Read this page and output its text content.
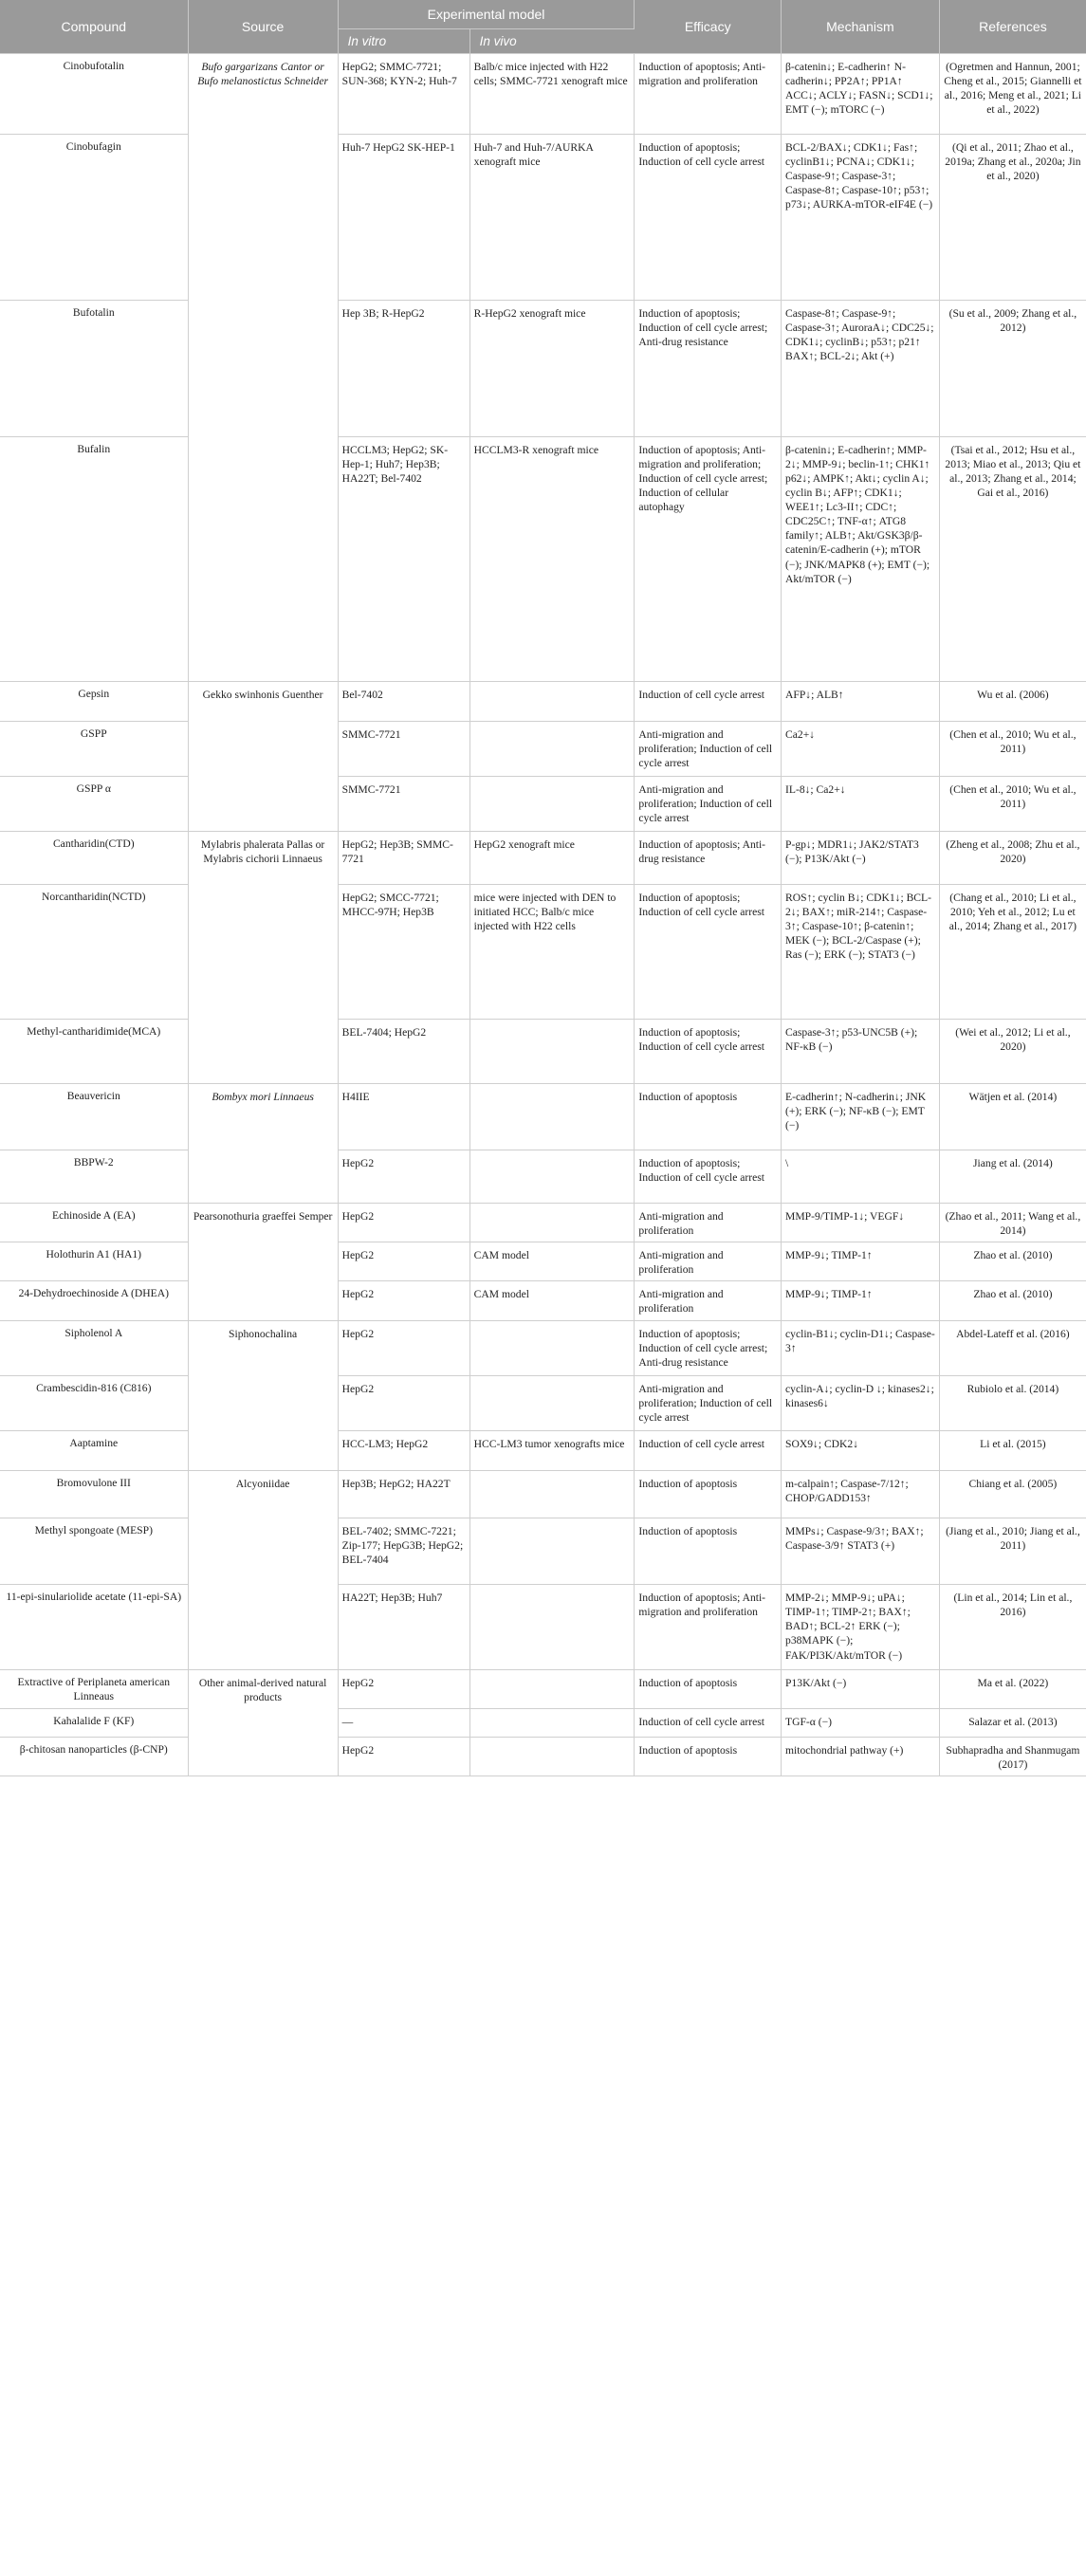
Compound	Source	Experimental model		Efficacy	Mechanism	References
		In vitro	In vivo			
Cinobufotalin	Bufo gargarizans Cantor or Bufo melanostictus Schneider	HepG2; SMMC-7721; SUN-368; KYN-2; Huh-7	Balb/c mice injected with H22 cells; SMMC-7721 xenograft mice	Induction of apoptosis; Anti-migration and proliferation	β-catenin↓; E-cadherin↑ N-cadherin↓; PP2A↑; PP1A↑ ACC↓; ACLY↓; FASN↓; SCD1↓; EMT (−); mTORC (−)	(Ogretmen and Hannun, 2001; Cheng et al., 2015; Giannelli et al., 2016; Meng et al., 2021; Li et al., 2022)
Cinobufagin		Huh-7 HepG2 SK-HEP-1	Huh-7 and Huh-7/AURKA xenograft mice	Induction of apoptosis; Induction of cell cycle arrest	BCL-2/BAX↓; CDK1↓; Fas↑; cyclinB1↓; PCNA↓; CDK1↓; Caspase-9↑; Caspase-3↑; Caspase-8↑; Caspase-10↑; p53↑; p73↓; AURKA-mTOR-eIF4E (−)	(Qi et al., 2011; Zhao et al., 2019a; Zhang et al., 2020a; Jin et al., 2020)
Bufotalin		Hep 3B; R-HepG2	R-HepG2 xenograft mice	Induction of apoptosis; Induction of cell cycle arrest; Anti-drug resistance	Caspase-8↑; Caspase-9↑; Caspase-3↑; AuroraA↓; CDC25↓; CDK1↓; cyclinB↓; p53↑; p21↑ BAX↑; BCL-2↓; Akt (+)	(Su et al., 2009; Zhang et al., 2012)
Bufalin		HCCLM3; HepG2; SK-Hep-1; Huh7; Hep3B; HA22T; Bel-7402	HCCLM3-R xenograft mice	Induction of apoptosis; Anti-migration and proliferation; Induction of cell cycle arrest; Induction of cellular autophagy	β-catenin↓; E-cadherin↑; MMP-2↓; MMP-9↓; beclin-1↑; CHK1↑ p62↓; AMPK↑; Akt↓; cyclin A↓; cyclin B↓; AFP↑; CDK1↓; WEE1↑; Lc3-II↑; CDC↑; CDC25C↑; TNF-α↑; ATG8 family↑; ALB↑; Akt/GSK3β/β-catenin/E-cadherin (+); mTOR (−); JNK/MAPK8 (+); EMT (−); Akt/mTOR (−)	(Tsai et al., 2012; Hsu et al., 2013; Miao et al., 2013; Qiu et al., 2013; Zhang et al., 2014; Gai et al., 2016)
Gepsin	Gekko swinhonis Guenther	Bel-7402		Induction of cell cycle arrest	AFP↓; ALB↑	Wu et al. (2006)
GSPP		SMMC-7721		Anti-migration and proliferation; Induction of cell cycle arrest	Ca2+↓	(Chen et al., 2010; Wu et al., 2011)
GSPP α		SMMC-7721		Anti-migration and proliferation; Induction of cell cycle arrest	IL-8↓; Ca2+↓	(Chen et al., 2010; Wu et al., 2011)
Cantharidin(CTD)	Mylabris phalerata Pallas or Mylabris cichorii Linnaeus	HepG2; Hep3B; SMMC-7721	HepG2 xenograft mice	Induction of apoptosis; Anti-drug resistance	P-gp↓; MDR1↓; JAK2/STAT3 (−); P13K/Akt (−)	(Zheng et al., 2008; Zhu et al., 2020)
Norcantharidin(NCTD)		HepG2; SMCC-7721; MHCC-97H; Hep3B	mice were injected with DEN to initiated HCC; Balb/c mice injected with H22 cells	Induction of apoptosis; Induction of cell cycle arrest	ROS↑; cyclin B↓; CDK1↓; BCL-2↓; BAX↑; miR-214↑; Caspase-3↑; Caspase-10↑; β-catenin↑; MEK (−); BCL-2/Caspase (+); Ras (−); ERK (−); STAT3 (−)	(Chang et al., 2010; Li et al., 2010; Yeh et al., 2012; Lu et al., 2014; Zhang et al., 2017)
Methyl-cantharidimide(MCA)		BEL-7404; HepG2		Induction of apoptosis; Induction of cell cycle arrest	Caspase-3↑; p53-UNC5B (+); NF-κB (−)	(Wei et al., 2012; Li et al., 2020)
Beauvericin	Bombyx mori Linnaeus	H4IIE		Induction of apoptosis	E-cadherin↑; N-cadherin↓; JNK (+); ERK (−); NF-κB (−); EMT (−)	Wätjen et al. (2014)
BBPW-2		HepG2		Induction of apoptosis; Induction of cell cycle arrest	\	Jiang et al. (2014)
Echinoside A (EA)	Pearsonothuria graeffei Semper	HepG2		Anti-migration and proliferation	MMP-9/TIMP-1↓; VEGF↓	(Zhao et al., 2011; Wang et al., 2014)
Holothurin A1 (HA1)		HepG2	CAM model	Anti-migration and proliferation	MMP-9↓; TIMP-1↑	Zhao et al. (2010)
24-Dehydroechinoside A (DHEA)		HepG2	CAM model	Anti-migration and proliferation	MMP-9↓; TIMP-1↑	Zhao et al. (2010)
Sipholenol A	Siphonochalina	HepG2		Induction of apoptosis; Induction of cell cycle arrest; Anti-drug resistance	cyclin-B1↓; cyclin-D1↓; Caspase-3↑	Abdel-Lateff et al. (2016)
Crambescidin-816 (C816)		HepG2		Anti-migration and proliferation; Induction of cell cycle arrest	cyclin-A↓; cyclin-D ↓; kinases2↓; kinases6↓	Rubiolo et al. (2014)
Aaptamine		HCC-LM3; HepG2	HCC-LM3 tumor xenografts mice	Induction of cell cycle arrest	SOX9↓; CDK2↓	Li et al. (2015)
Bromovulone III	Alcyoniidae	Hep3B; HepG2; HA22T		Induction of apoptosis	m-calpain↑; Caspase-7/12↑; CHOP/GADD153↑	Chiang et al. (2005)
Methyl spongoate (MESP)		BEL-7402; SMMC-7221; Zip-177; HepG3B; HepG2; BEL-7404		Induction of apoptosis	MMPs↓; Caspase-9/3↑; BAX↑; Caspase-3/9↑ STAT3 (+)	(Jiang et al., 2010; Jiang et al., 2011)
11-epi-sinulariolide acetate (11-epi-SA)		HA22T; Hep3B; Huh7		Induction of apoptosis; Anti-migration and proliferation	MMP-2↓; MMP-9↓; uPA↓; TIMP-1↑; TIMP-2↑; BAX↑; BAD↑; BCL-2↑ ERK (−); p38MAPK (−); FAK/PI3K/Akt/mTOR (−)	(Lin et al., 2014; Lin et al., 2016)
Extractive of Periplaneta american Linneaus	Other animal-derived natural products	HepG2		Induction of apoptosis	P13K/Akt (−)	Ma et al. (2022)
Kahalalide F (KF)		—		Induction of cell cycle arrest	TGF-α (−)	Salazar et al. (2013)
β-chitosan nanoparticles (β-CNP)		HepG2		Induction of apoptosis	mitochondrial pathway (+)	Subhapradha and Shanmugam (2017)
